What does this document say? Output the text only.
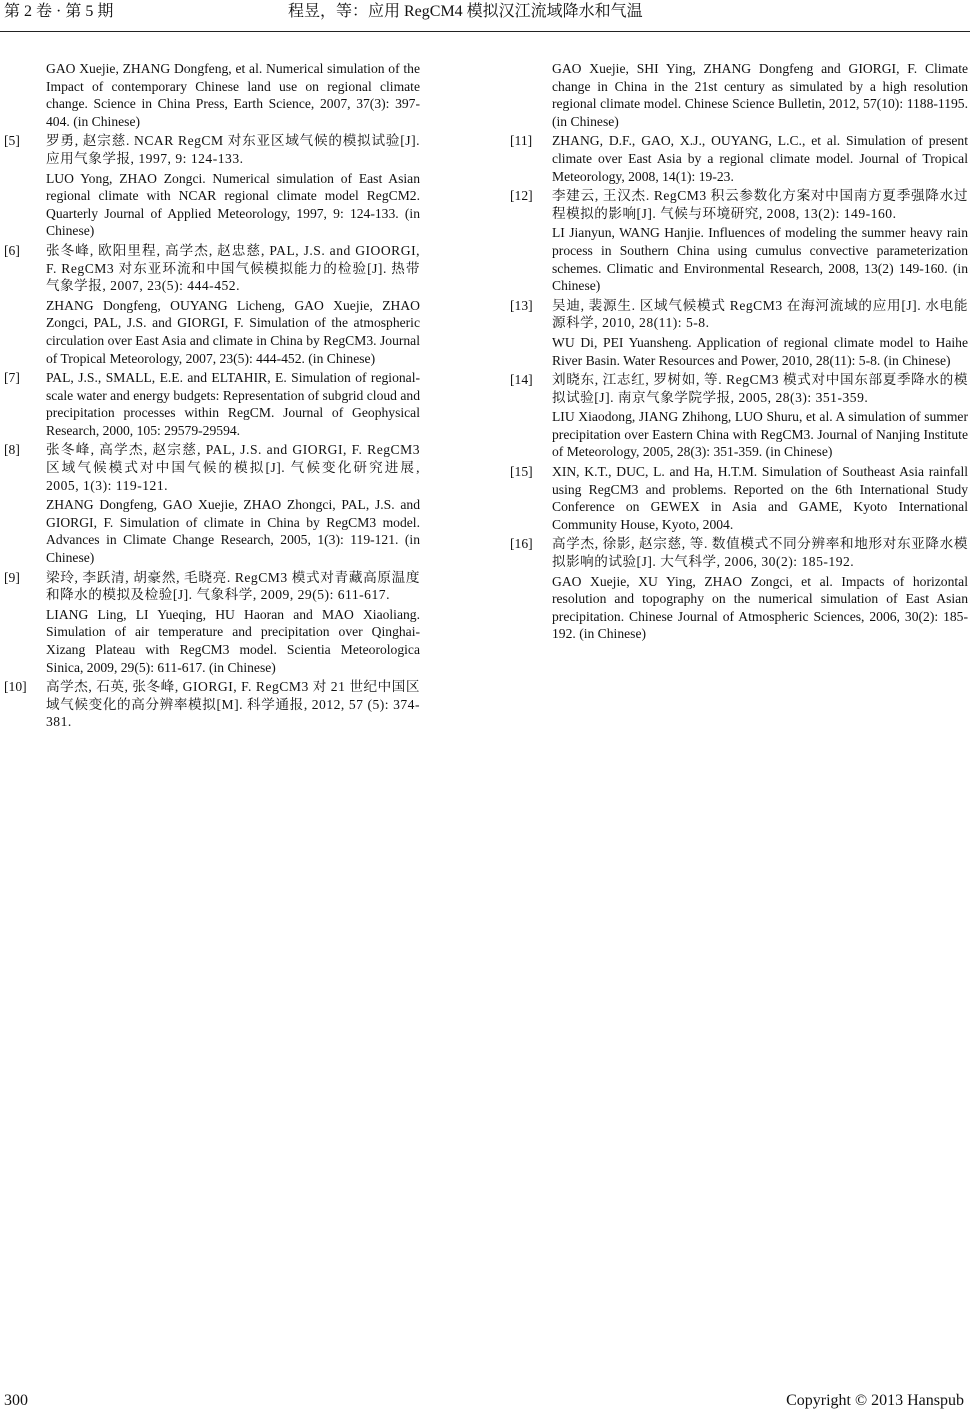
第 2 卷 · 第 5 期	程昱，等：应用 RegCM4 模拟汉江流域降水和气温
GAO Xuejie, ZHANG Dongfeng, et al. Numerical simulation of the Impact of contemporary Chinese land use on regional climate change. Science in China Press, Earth Science, 2007, 37(3): 397-404. (in Chinese)
[5] 罗勇, 赵宗慈. NCAR RegCM 对东亚区域气候的模拟试验[J]. 应用气象学报, 1997, 9: 124-133.
LUO Yong, ZHAO Zongci. Numerical simulation of East Asian regional climate with NCAR regional climate model RegCM2. Quarterly Journal of Applied Meteorology, 1997, 9: 124-133. (in Chinese)
[6] 张冬峰, 欧阳里程, 高学杰, 赵忠慈, PAL, J.S. and GIOORGI, F. RegCM3 对东亚环流和中国气候模拟能力的检验[J]. 热带气象学报, 2007, 23(5): 444-452.
ZHANG Dongfeng, OUYANG Licheng, GAO Xuejie, ZHAO Zongci, PAL, J.S. and GIORGI, F. Simulation of the atmospheric circulation over East Asia and climate in China by RegCM3. Journal of Tropical Meteorology, 2007, 23(5): 444-452. (in Chinese)
[7] PAL, J.S., SMALL, E.E. and ELTAHIR, E. Simulation of regional-scale water and energy budgets: Representation of subgrid cloud and precipitation processes within RegCM. Journal of Geophysical Research, 2000, 105: 29579-29594.
[8] 张冬峰, 高学杰, 赵宗慈, PAL, J.S. and GIORGI, F. RegCM3 区域气候模式对中国气候的模拟[J]. 气候变化研究进展, 2005, 1(3): 119-121.
ZHANG Dongfeng, GAO Xuejie, ZHAO Zhongci, PAL, J.S. and GIORGI, F. Simulation of climate in China by RegCM3 model. Advances in Climate Change Research, 2005, 1(3): 119-121. (in Chinese)
[9] 梁玲, 李跃清, 胡豪然, 毛晓亮. RegCM3 模式对青藏高原温度和降水的模拟及检验[J]. 气象科学, 2009, 29(5): 611-617.
LIANG Ling, LI Yueqing, HU Haoran and MAO Xiaoliang. Simulation of air temperature and precipitation over Qinghai-Xizang Plateau with RegCM3 model. Scientia Meteorologica Sinica, 2009, 29(5): 611-617. (in Chinese)
[10] 高学杰, 石英, 张冬峰, GIORGI, F. RegCM3 对 21 世纪中国区域气候变化的高分辨率模拟[M]. 科学通报, 2012, 57 (5): 374-381.
GAO Xuejie, SHI Ying, ZHANG Dongfeng and GIORGI, F. Climate change in China in the 21st century as simulated by a high resolution regional climate model. Chinese Science Bulletin, 2012, 57(10): 1188-1195. (in Chinese)
[11] ZHANG, D.F., GAO, X.J., OUYANG, L.C., et al. Simulation of present climate over East Asia by a regional climate model. Journal of Tropical Meteorology, 2008, 14(1): 19-23.
[12] 李建云, 王汉杰. RegCM3 积云参数化方案对中国南方夏季强降水过程模拟的影响[J]. 气候与环境研究, 2008, 13(2): 149-160.
LI Jianyun, WANG Hanjie. Influences of modeling the summer heavy rain process in Southern China using cumulus convective parameterization schemes. Climatic and Environmental Research, 2008, 13(2) 149-160. (in Chinese)
[13] 吴迪, 裴源生. 区域气候模式 RegCM3 在海河流域的应用[J]. 水电能源科学, 2010, 28(11): 5-8.
WU Di, PEI Yuansheng. Application of regional climate model to Haihe River Basin. Water Resources and Power, 2010, 28(11): 5-8. (in Chinese)
[14] 刘晓东, 江志红, 罗树如, 等. RegCM3 模式对中国东部夏季降水的模拟试验[J]. 南京气象学院学报, 2005, 28(3): 351-359.
LIU Xiaodong, JIANG Zhihong, LUO Shuru, et al. A simulation of summer precipitation over Eastern China with RegCM3. Journal of Nanjing Institute of Meteorology, 2005, 28(3): 351-359. (in Chinese)
[15] XIN, K.T., DUC, L. and Ha, H.T.M. Simulation of Southeast Asia rainfall using RegCM3 and problems. Reported on the 6th International Study Conference on GEWEX in Asia and GAME, Kyoto International Community House, Kyoto, 2004.
[16] 高学杰, 徐影, 赵宗慈, 等. 数值模式不同分辨率和地形对东亚降水模拟影响的试验[J]. 大气科学, 2006, 30(2): 185-192.
GAO Xuejie, XU Ying, ZHAO Zongci, et al. Impacts of horizontal resolution and topography on the numerical simulation of East Asian precipitation. Chinese Journal of Atmospheric Sciences, 2006, 30(2): 185-192. (in Chinese)
300	Copyright © 2013 Hanspub
